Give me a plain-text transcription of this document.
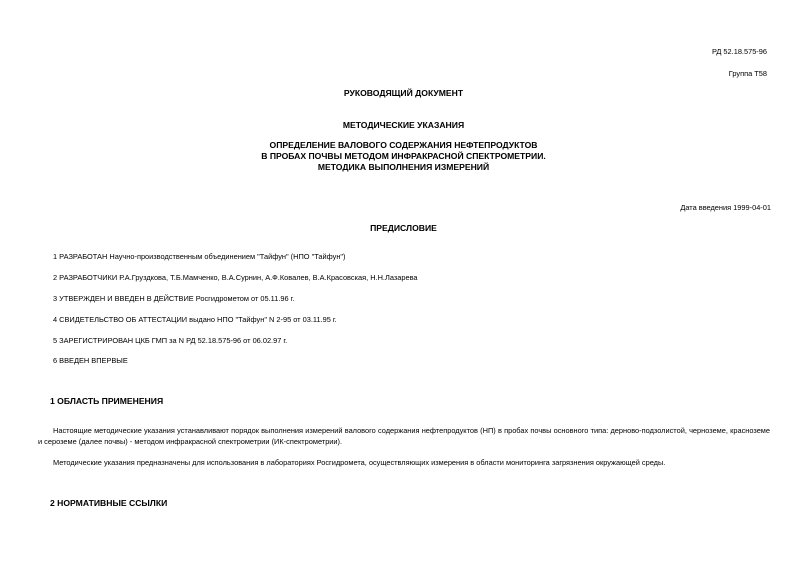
РД 52.18.575-96
Группа Т58
РУКОВОДЯЩИЙ ДОКУМЕНТ
МЕТОДИЧЕСКИЕ УКАЗАНИЯ
ОПРЕДЕЛЕНИЕ ВАЛОВОГО СОДЕРЖАНИЯ НЕФТЕПРОДУКТОВ
В ПРОБАХ ПОЧВЫ МЕТОДОМ ИНФРАКРАСНОЙ СПЕКТРОМЕТРИИ.
МЕТОДИКА ВЫПОЛНЕНИЯ ИЗМЕРЕНИЙ
Дата введения 1999-04-01
ПРЕДИСЛОВИЕ
1 РАЗРАБОТАН Научно-производственным объединением "Тайфун" (НПО "Тайфун")
2 РАЗРАБОТЧИКИ Р.А.Груздкова, Т.Б.Мамченко, В.А.Сурнин, А.Ф.Ковалев, В.А.Красовская, Н.Н.Лазарева
3 УТВЕРЖДЕН И ВВЕДЕН В ДЕЙСТВИЕ Росгидрометом от 05.11.96 г.
4 СВИДЕТЕЛЬСТВО ОБ АТТЕСТАЦИИ выдано НПО "Тайфун" N 2-95 от 03.11.95 г.
5 ЗАРЕГИСТРИРОВАН ЦКБ ГМП за N РД 52.18.575-96 от 06.02.97 г.
6 ВВЕДЕН ВПЕРВЫЕ
1 ОБЛАСТЬ ПРИМЕНЕНИЯ
Настоящие методические указания устанавливают порядок выполнения измерений валового содержания нефтепродуктов (НП) в пробах почвы основного типа: дерново-подзолистой, черноземе, красноземе и сероземе (далее почвы) - методом инфракрасной спектрометрии (ИК-спектрометрии).
Методические указания предназначены для использования в лабораториях Росгидромета, осуществляющих измерения в области мониторинга загрязнения окружающей среды.
2 НОРМАТИВНЫЕ ССЫЛКИ
